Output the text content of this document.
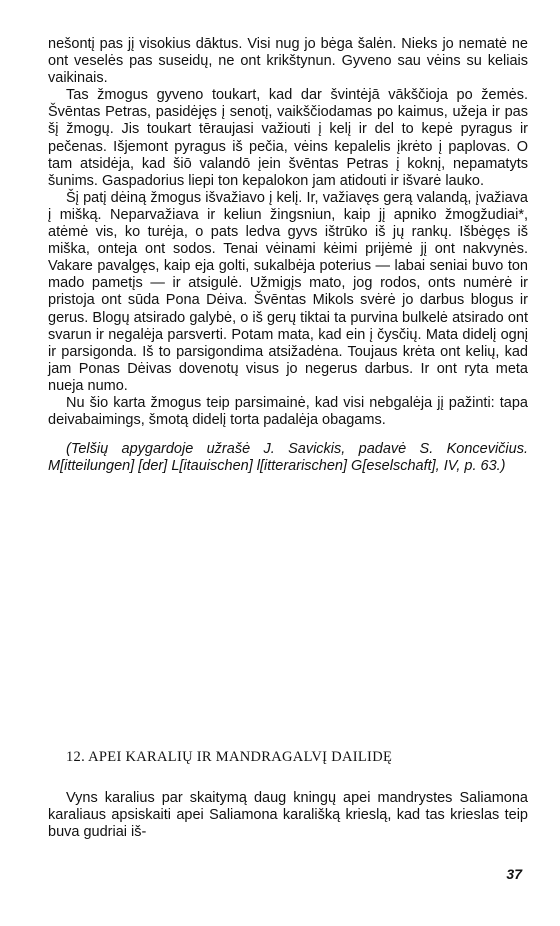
nešontį pas jį visokius dāktus. Visi nug jo bėga šalėn. Nieks jo nematė ne ont veselės pas suseidų, ne ont krikštynun. Gyveno sau vėins su keliais vaikinais.

Tas žmogus gyveno toukart, kad dar švintėjā vākščioja po žemės. Švēntas Petras, pasidėjęs į senotį, vaikščiodamas po kaimus, užeja ir pas šį žmogų. Jis toukart tēraujasi važiouti į kelį ir del to kepė pyragus ir pečenas. Išjemont pyragus iš pečia, vėins kepalelis įkrėto į paplovas. O tam atsidėja, kad šiō valandō įein švēntas Petras į koknį, nepamatyts šunims. Gaspadorius liepi ton kepalokon jam atidouti ir išvarė lauko.

Šį patį dėiną žmogus išvažiavo į kelį. Ir, važiavęs gerą valandą, įvažiava į mišką. Neparvažiava ir keliun žingsniun, kaip jį apniko žmogžudiai*, atėmė vis, ko turėja, o pats ledva gyvs ištrūko iš jų rankų. Išbėgęs iš miška, onteja ont sodos. Tenai vėinami kėimi prijėmė jį ont nakvynės. Vakare pavalgęs, kaip eja golti, sukalbėja poterius — labai seniai buvo ton mado pametįs — ir atsigulė. Užmigįs mato, jog rodos, onts numėrė ir pristoja ont sūda Pona Dėiva. Švēntas Mikols svėrė jo darbus blogus ir gerus. Blogų atsirado galybė, o iš gerų tiktai ta purvina bulkelė atsirado ont svarun ir negalėja parsverti. Potam mata, kad ein į čysčių. Mata didelį ognį ir parsigonda. Iš to parsigondima atsižadėna. Toujaus krėta ont kelių, kad jam Ponas Dėivas dovenotų visus jo negerus darbus. Ir ont ryta meta nueja numo.

Nu šio karta žmogus teip parsimainė, kad visi nebgalėja jį pažinti: tapa deivabaimings, šmotą didelį torta padalėja obagams.

(Telšių apygardoje užrašė J. Savickis, padavė S. Koncevičius. M[itteilungen] [der] L[itauischen] l[itterarischen] G[eselschaft], IV, p. 63.)

12. APEI KARALIŲ IR MANDRAGALVĮ DAILIDĘ

Vyns karalius par skaitymą daug kningų apei mandrystes Saliamona karaliaus apsiskaiti apei Saliamona karališką krieslą, kad tas krieslas teip buva gudriai iš-

37
